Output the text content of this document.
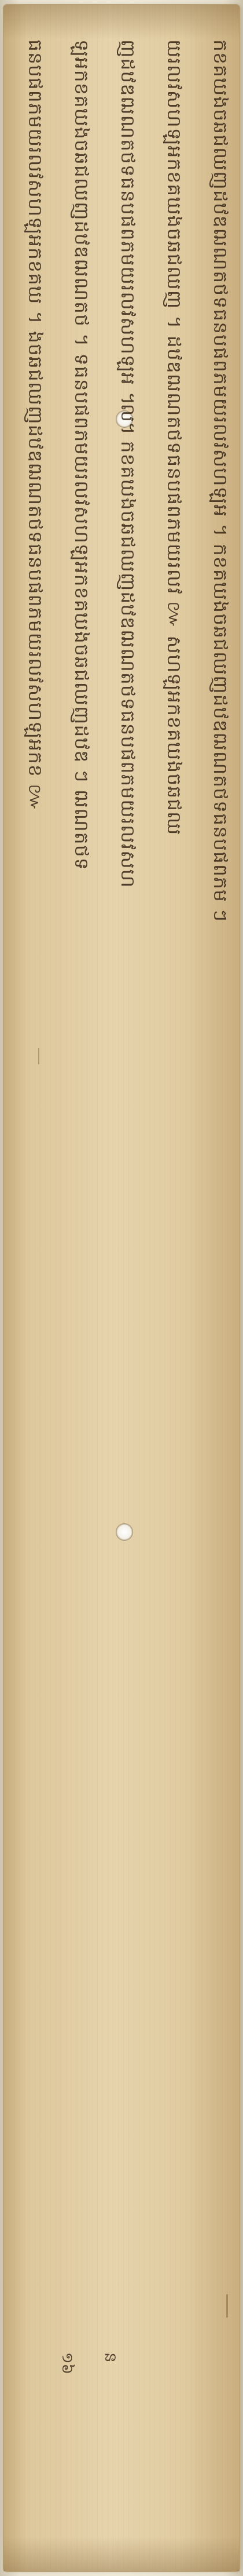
កខគឃងចឆជឈញដឋឌឍណតថទធនបផពភមយរលវសហឡអ ។ កខគឃងចឆជឈញដឋឌឍណតថទធនបផពភម ៗ
យរលវសហឡអកខគឃងចឆជឈញ ។ ដឋឌឍណតថទធនបផពភមយរលវ ៚ សហឡអកខគឃងចឆជឈ
ញដឋឌឍណតថទធនបផពភមយរលវសហឡអ ៘ កខគឃងចឆជឈញដឋឌឍណតថទធនបផពភមយរលវសហ
ឡអកខគឃងចឆជឈញដឋឌឍណតថ ។ ទធនបផពភមយរលវសហឡអកខគឃងចឆជឈញដឋឌ ៗ ឍណតថទ
ធនបផពភមយរលវសហឡអកខគឃ ។ ងចឆជឈញដឋឌឍណតថទធនបផពភមយរលវសហឡអកខ ៚
ន
១៦
